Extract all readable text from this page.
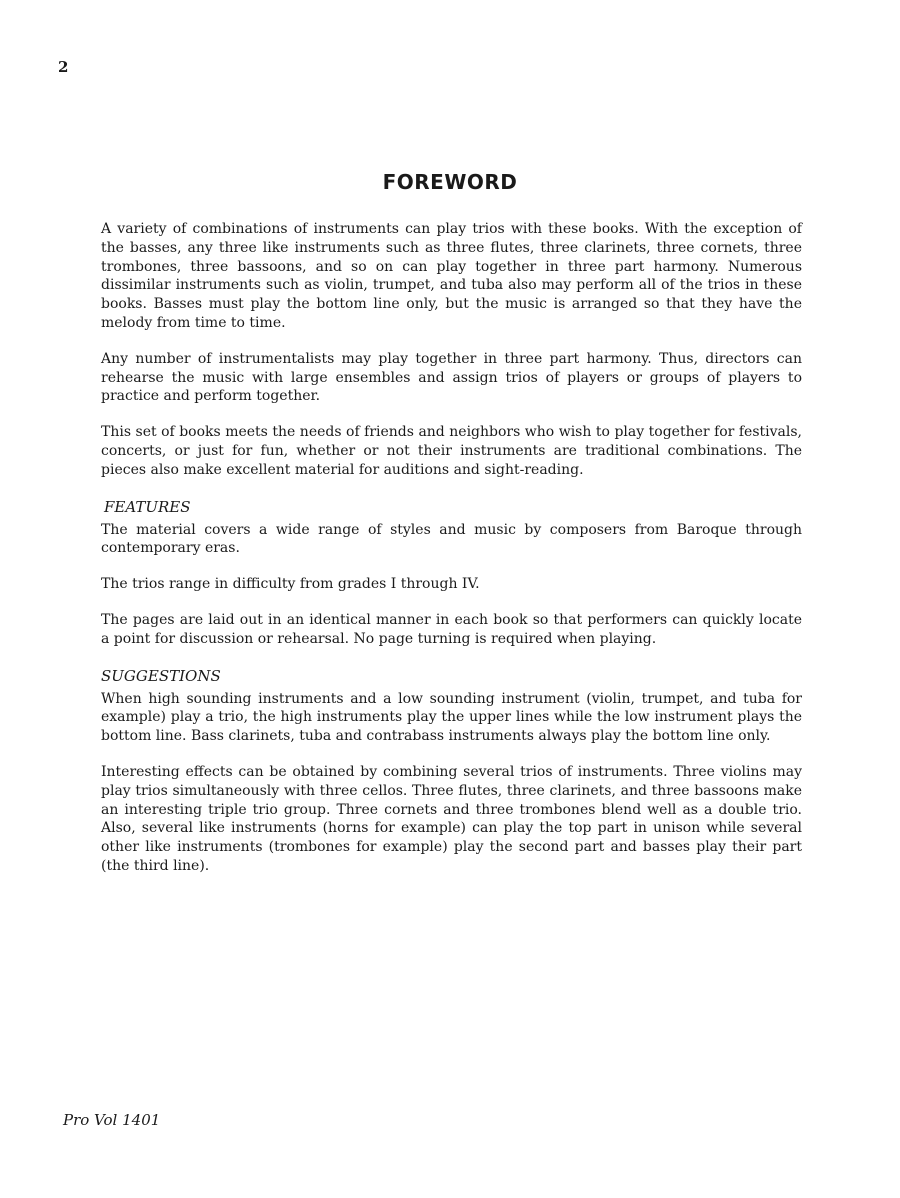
2
FOREWORD

A variety of combinations of instruments can play trios with these books. With the exception of the basses, any three like instruments such as three flutes, three clarinets, three cornets, three trombones, three bassoons, and so on can play together in three part harmony. Numerous dissimilar instruments such as violin, trumpet, and tuba also may perform all of the trios in these books. Basses must play the bottom line only, but the music is arranged so that they have the melody from time to time.

Any number of instrumentalists may play together in three part harmony. Thus, directors can rehearse the music with large ensembles and assign trios of players or groups of players to practice and perform together.

This set of books meets the needs of friends and neighbors who wish to play together for festivals, concerts, or just for fun, whether or not their instruments are traditional combinations. The pieces also make excellent material for auditions and sight-reading.

FEATURES

The material covers a wide range of styles and music by composers from Baroque through contemporary eras.

The trios range in difficulty from grades I through IV.

The pages are laid out in an identical manner in each book so that performers can quickly locate a point for discussion or rehearsal. No page turning is required when playing.

SUGGESTIONS

When high sounding instruments and a low sounding instrument (violin, trumpet, and tuba for example) play a trio, the high instruments play the upper lines while the low instrument plays the bottom line. Bass clarinets, tuba and contrabass instruments always play the bottom line only.

Interesting effects can be obtained by combining several trios of instruments. Three violins may play trios simultaneously with three cellos. Three flutes, three clarinets, and three bassoons make an interesting triple trio group. Three cornets and three trombones blend well as a double trio. Also, several like instruments (horns for example) can play the top part in unison while several other like instruments (trombones for example) play the second part and basses play their part (the third line).

Pro Vol 1401
